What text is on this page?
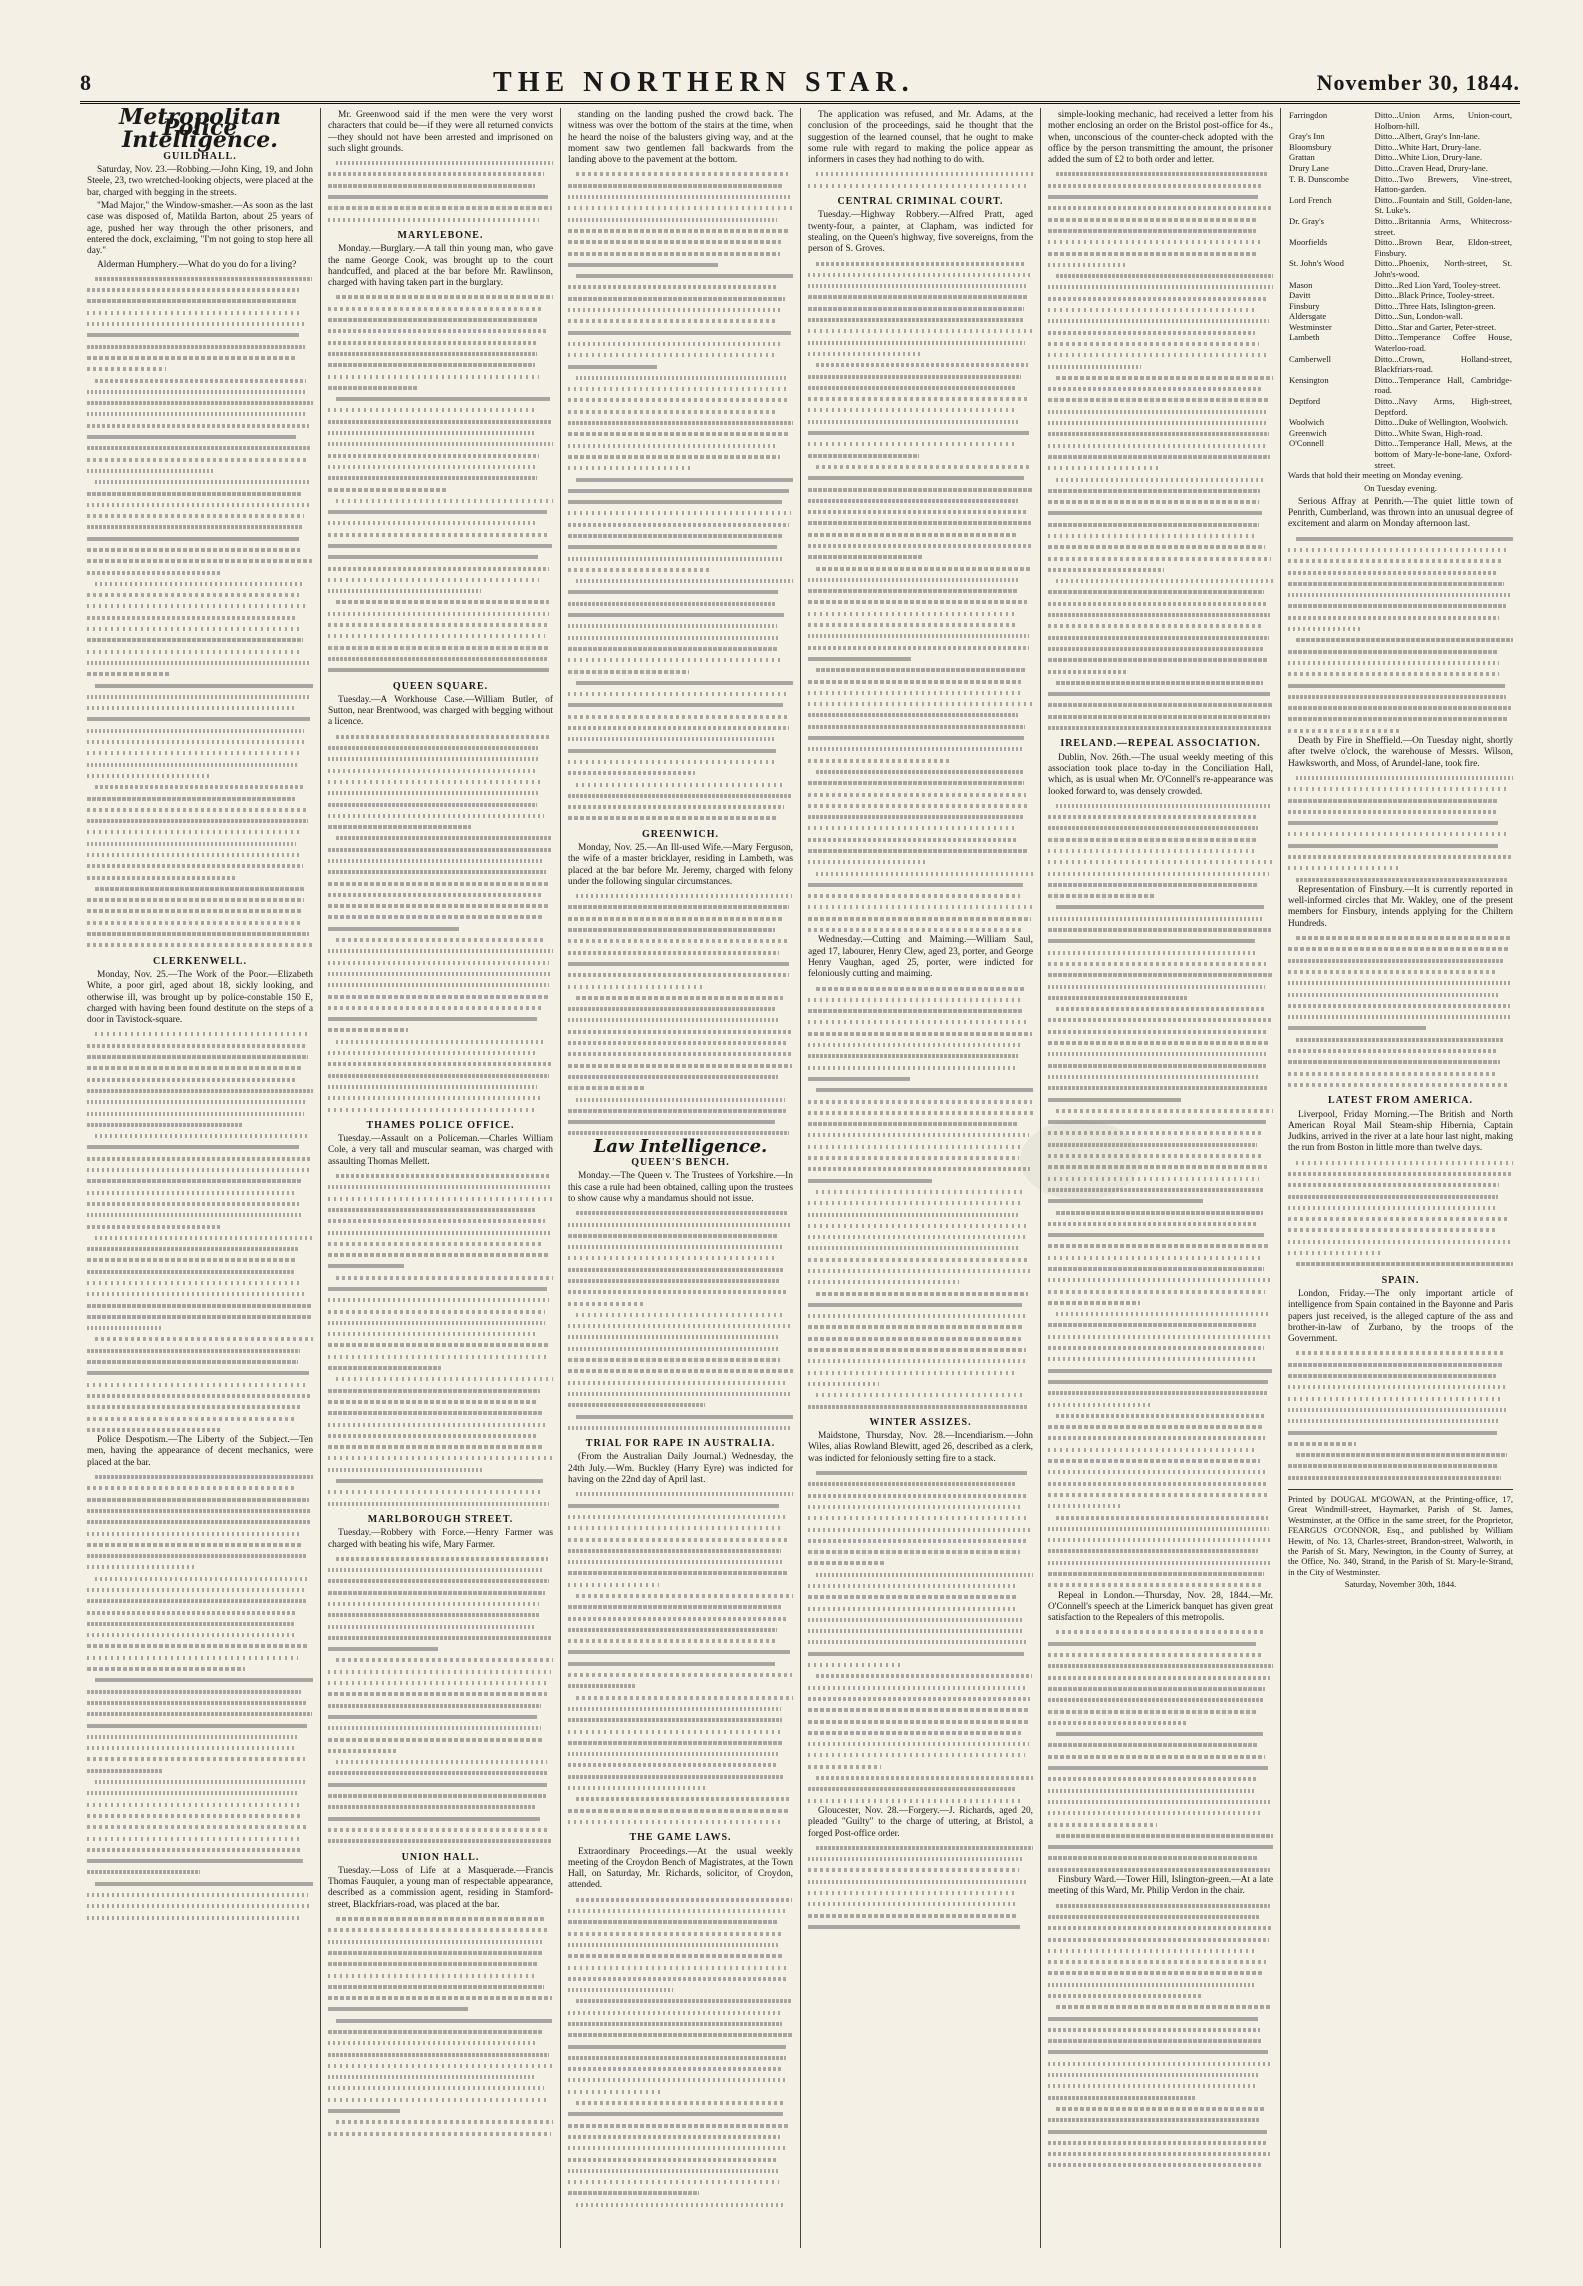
8	THE NORTHERN STAR.	November 30, 1844.
Metropolitan Police Intelligence.
GUILDHALL.

Saturday, Nov. 23.—Robbing.—John King, 19, and John Steele, 23, two wretched-looking objects, were placed at the bar, charged with begging in the streets.

"Mad Major," the Window-smasher.—As soon as the last case was disposed of, Matilda Barton, about 25 years of age, pushed her way through the other prisoners, and entered the dock, exclaiming, "I'm not going to stop here all day."

Alderman Humphery.—What do you do for a living?

CLERKENWELL.

Monday, Nov. 25.—The Work of the Poor.—Elizabeth White, a poor girl, aged about 18, sickly looking, and otherwise ill, was brought up by police-constable 150 E, charged with having been found destitute on the steps of a door in Tavistock-square.

Police Despotism.—The Liberty of the Subject.—Ten men, having the appearance of decent mechanics, were placed at the bar.

Mr. Greenwood said if the men were the very worst characters that could be—if they were all returned convicts—they should not have been arrested and imprisoned on such slight grounds.

MARYLEBONE.

Monday.—Burglary.—A tall thin young man, who gave the name George Cook, was brought up to the court handcuffed, and placed at the bar before Mr. Rawlinson, charged with having taken part in the burglary.

QUEEN SQUARE.

Tuesday.—A Workhouse Case.—William Butler, of Sutton, near Brentwood, was charged with begging without a licence.

THAMES POLICE OFFICE.

Tuesday.—Assault on a Policeman.—Charles William Cole, a very tall and muscular seaman, was charged with assaulting Thomas Mellett.

MARLBOROUGH STREET.

Tuesday.—Robbery with Force.—Henry Farmer was charged with beating his wife, Mary Farmer.

UNION HALL.

Tuesday.—Loss of Life at a Masquerade.—Francis Thomas Fauquier, a young man of respectable appearance, described as a commission agent, residing in Stamford-street, Blackfriars-road, was placed at the bar.

standing on the landing pushed the crowd back. The witness was over the bottom of the stairs at the time, when he heard the noise of the balusters giving way, and at the moment saw two gentlemen fall backwards from the landing above to the pavement at the bottom.

GREENWICH.

Monday, Nov. 25.—An Ill-used Wife.—Mary Ferguson, the wife of a master bricklayer, residing in Lambeth, was placed at the bar before Mr. Jeremy, charged with felony under the following singular circumstances.

Law Intelligence.
QUEEN'S BENCH.

Monday.—The Queen v. The Trustees of Yorkshire.—In this case a rule had been obtained, calling upon the trustees to show cause why a mandamus should not issue.

TRIAL FOR RAPE IN AUSTRALIA.

(From the Australian Daily Journal.) Wednesday, the 24th July.—Wm. Buckley (Harry Eyre) was indicted for having on the 22nd day of April last.

THE GAME LAWS.

Extraordinary Proceedings.—At the usual weekly meeting of the Croydon Bench of Magistrates, at the Town Hall, on Saturday, Mr. Richards, solicitor, of Croydon, attended.

The application was refused, and Mr. Adams, at the conclusion of the proceedings, said he thought that the suggestion of the learned counsel, that he ought to make some rule with regard to making the police appear as informers in cases they had nothing to do with.

CENTRAL CRIMINAL COURT.

Tuesday.—Highway Robbery.—Alfred Pratt, aged twenty-four, a painter, at Clapham, was indicted for stealing, on the Queen's highway, five sovereigns, from the person of S. Groves.

Wednesday.—Cutting and Maiming.—William Saul, aged 17, labourer, Henry Clew, aged 23, porter, and George Henry Vaughan, aged 25, porter, were indicted for feloniously cutting and maiming.

WINTER ASSIZES.

Maidstone, Thursday, Nov. 28.—Incendiarism.—John Wiles, alias Rowland Blewitt, aged 26, described as a clerk, was indicted for feloniously setting fire to a stack.

Gloucester, Nov. 28.—Forgery.—J. Richards, aged 20, pleaded "Guilty" to the charge of uttering, at Bristol, a forged Post-office order.

simple-looking mechanic, had received a letter from his mother enclosing an order on the Bristol post-office for 4s., when, unconscious of the counter-check adopted with the office by the person transmitting the amount, the prisoner added the sum of £2 to both order and letter.

IRELAND.—REPEAL ASSOCIATION.

Dublin, Nov. 26th.—The usual weekly meeting of this association took place to-day in the Conciliation Hall, which, as is usual when Mr. O'Connell's re-appearance was looked forward to, was densely crowded.

Repeal in London.—Thursday, Nov. 28, 1844.—Mr. O'Connell's speech at the Limerick banquet has given great satisfaction to the Repealers of this metropolis.

Finsbury Ward.—Tower Hill, Islington-green.—At a late meeting of this Ward, Mr. Philip Verdon in the chair.

Farringdon	Ditto...Union Arms, Union-court, Holborn-hill.
Gray's Inn	Ditto...Albert, Gray's Inn-lane.
Bloomsbury	Ditto...White Hart, Drury-lane.
Grattan	Ditto...White Lion, Drury-lane.
Drury Lane	Ditto...Craven Head, Drury-lane.
T. B. Dunscombe	Ditto...Two Brewers, Vine-street, Hatton-garden.
Lord French	Ditto...Fountain and Still, Golden-lane, St. Luke's.
Dr. Gray's	Ditto...Britannia Arms, Whitecross-street.
Moorfields	Ditto...Brown Bear, Eldon-street, Finsbury.
St. John's Wood	Ditto...Phoenix, North-street, St. John's-wood.
Mason	Ditto...Red Lion Yard, Tooley-street.
Davitt	Ditto...Black Prince, Tooley-street.
Finsbury	Ditto...Three Hats, Islington-green.
Aldersgate	Ditto...Sun, London-wall.
Westminster	Ditto...Star and Garter, Peter-street.
Lambeth	Ditto...Temperance Coffee House, Waterloo-road.
Camberwell	Ditto...Crown, Holland-street, Blackfriars-road.
Kensington	Ditto...Temperance Hall, Cambridge-road.
Deptford	Ditto...Navy Arms, High-street, Deptford.
Woolwich	Ditto...Duke of Wellington, Woolwich.
Greenwich	Ditto...White Swan, High-road.
O'Connell	Ditto...Temperance Hall, Mews, at the bottom of Mary-le-bone-lane, Oxford-street.

Wards that hold their meeting on Monday evening.

On Tuesday evening.

Serious Affray at Penrith.—The quiet little town of Penrith, Cumberland, was thrown into an unusual degree of excitement and alarm on Monday afternoon last.

Death by Fire in Sheffield.—On Tuesday night, shortly after twelve o'clock, the warehouse of Messrs. Wilson, Hawksworth, and Moss, of Arundel-lane, took fire.

Representation of Finsbury.—It is currently reported in well-informed circles that Mr. Wakley, one of the present members for Finsbury, intends applying for the Chiltern Hundreds.

LATEST FROM AMERICA.

Liverpool, Friday Morning.—The British and North American Royal Mail Steam-ship Hibernia, Captain Judkins, arrived in the river at a late hour last night, making the run from Boston in little more than twelve days.

SPAIN.

London, Friday.—The only important article of intelligence from Spain contained in the Bayonne and Paris papers just received, is the alleged capture of the ass and brother-in-law of Zurbano, by the troops of the Government.

Printed by DOUGAL M'GOWAN, at the Printing-office, 17, Great Windmill-street, Haymarket, Parish of St. James, Westminster, at the Office in the same street, for the Proprietor, FEARGUS O'CONNOR, Esq., and published by William Hewitt, of No. 13, Charles-street, Brandon-street, Walworth, in the Parish of St. Mary, Newington, in the County of Surrey, at the Office, No. 340, Strand, in the Parish of St. Mary-le-Strand, in the City of Westminster.
Saturday, November 30th, 1844.
